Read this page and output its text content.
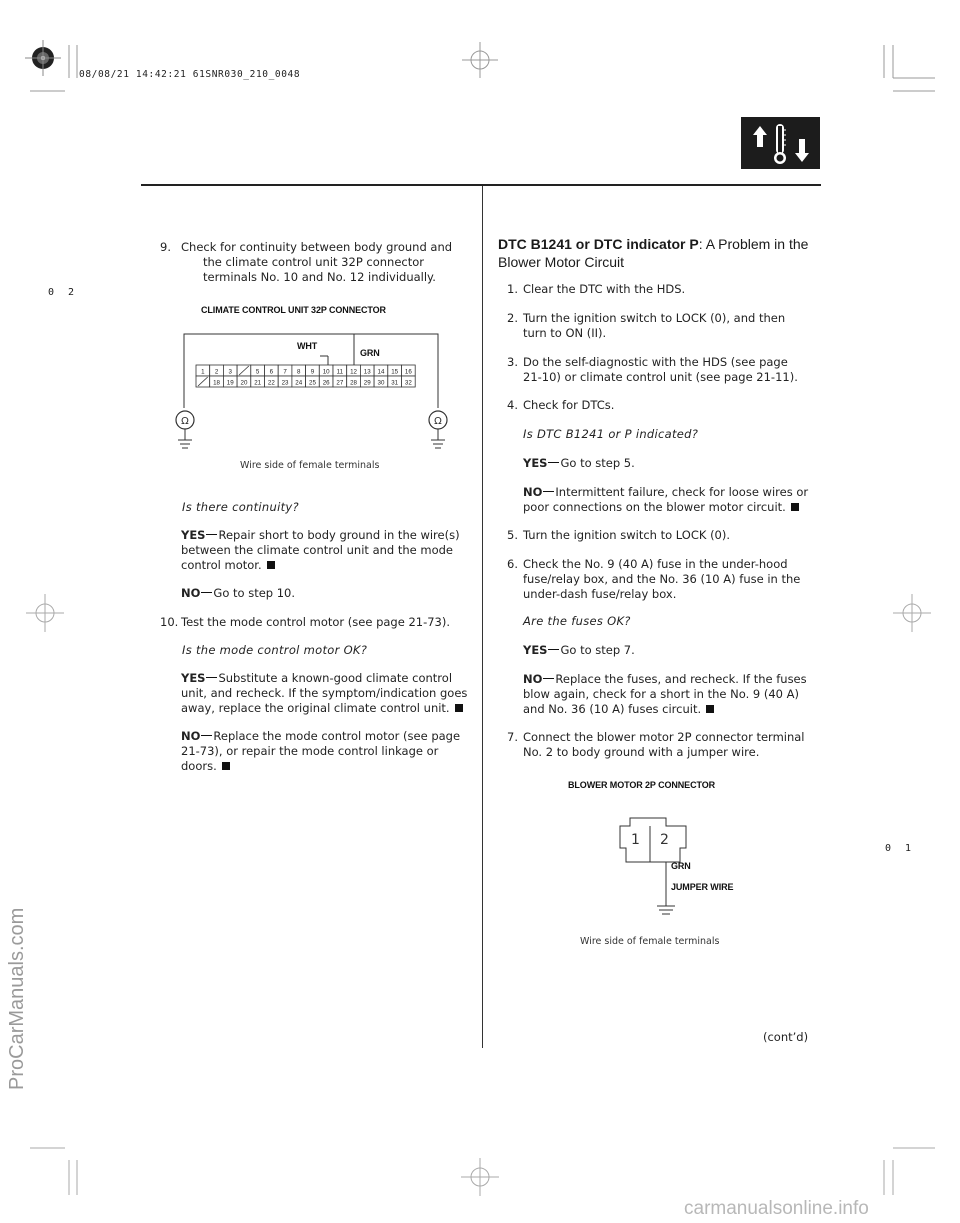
08/08/21 14:42:21 61SNR030_210_0048
ProCarManuals.com
carmanualsonline.info
0 2
0 1
9. Check for continuity between body ground and the climate control unit 32P connector terminals No. 10 and No. 12 individually.
CLIMATE CONTROL UNIT 32P CONNECTOR
1 2 3	5 6 7 8 9 10 11 12 13 14 15 16
18 19 20 21 22 23 24 25 26 27 28 29 30 31 32
Ω	Ω
WHT
GRN
Wire side of female terminals
Is there continuity?
YES Repair short to body ground in the wire(s) between the climate control unit and the mode control motor.
NO Go to step 10.
10. Test the mode control motor (see page 21-73).
Is the mode control motor OK?
YES Substitute a known-good climate control unit, and recheck. If the symptom/indication goes away, replace the original climate control unit.
NO Replace the mode control motor (see page 21-73), or repair the mode control linkage or doors.
DTC B1241 or DTC indicator P: A Problem in the Blower Motor Circuit
1. Clear the DTC with the HDS.
2. Turn the ignition switch to LOCK (0), and then turn to ON (II).
3. Do the self-diagnostic with the HDS (see page 21-10) or climate control unit (see page 21-11).
4. Check for DTCs.
Is DTC B1241 or P indicated?
YES Go to step 5.
NO Intermittent failure, check for loose wires or poor connections on the blower motor circuit.
5. Turn the ignition switch to LOCK (0).
6. Check the No. 9 (40 A) fuse in the under-hood fuse/relay box, and the No. 36 (10 A) fuse in the under-dash fuse/relay box.
Are the fuses OK?
YES Go to step 7.
NO Replace the fuses, and recheck. If the fuses blow again, check for a short in the No. 9 (40 A) and No. 36 (10 A) fuses circuit.
7. Connect the blower motor 2P connector terminal No. 2 to body ground with a jumper wire.
BLOWER MOTOR 2P CONNECTOR
1 2
GRN
JUMPER WIRE
Wire side of female terminals
(cont’d)
